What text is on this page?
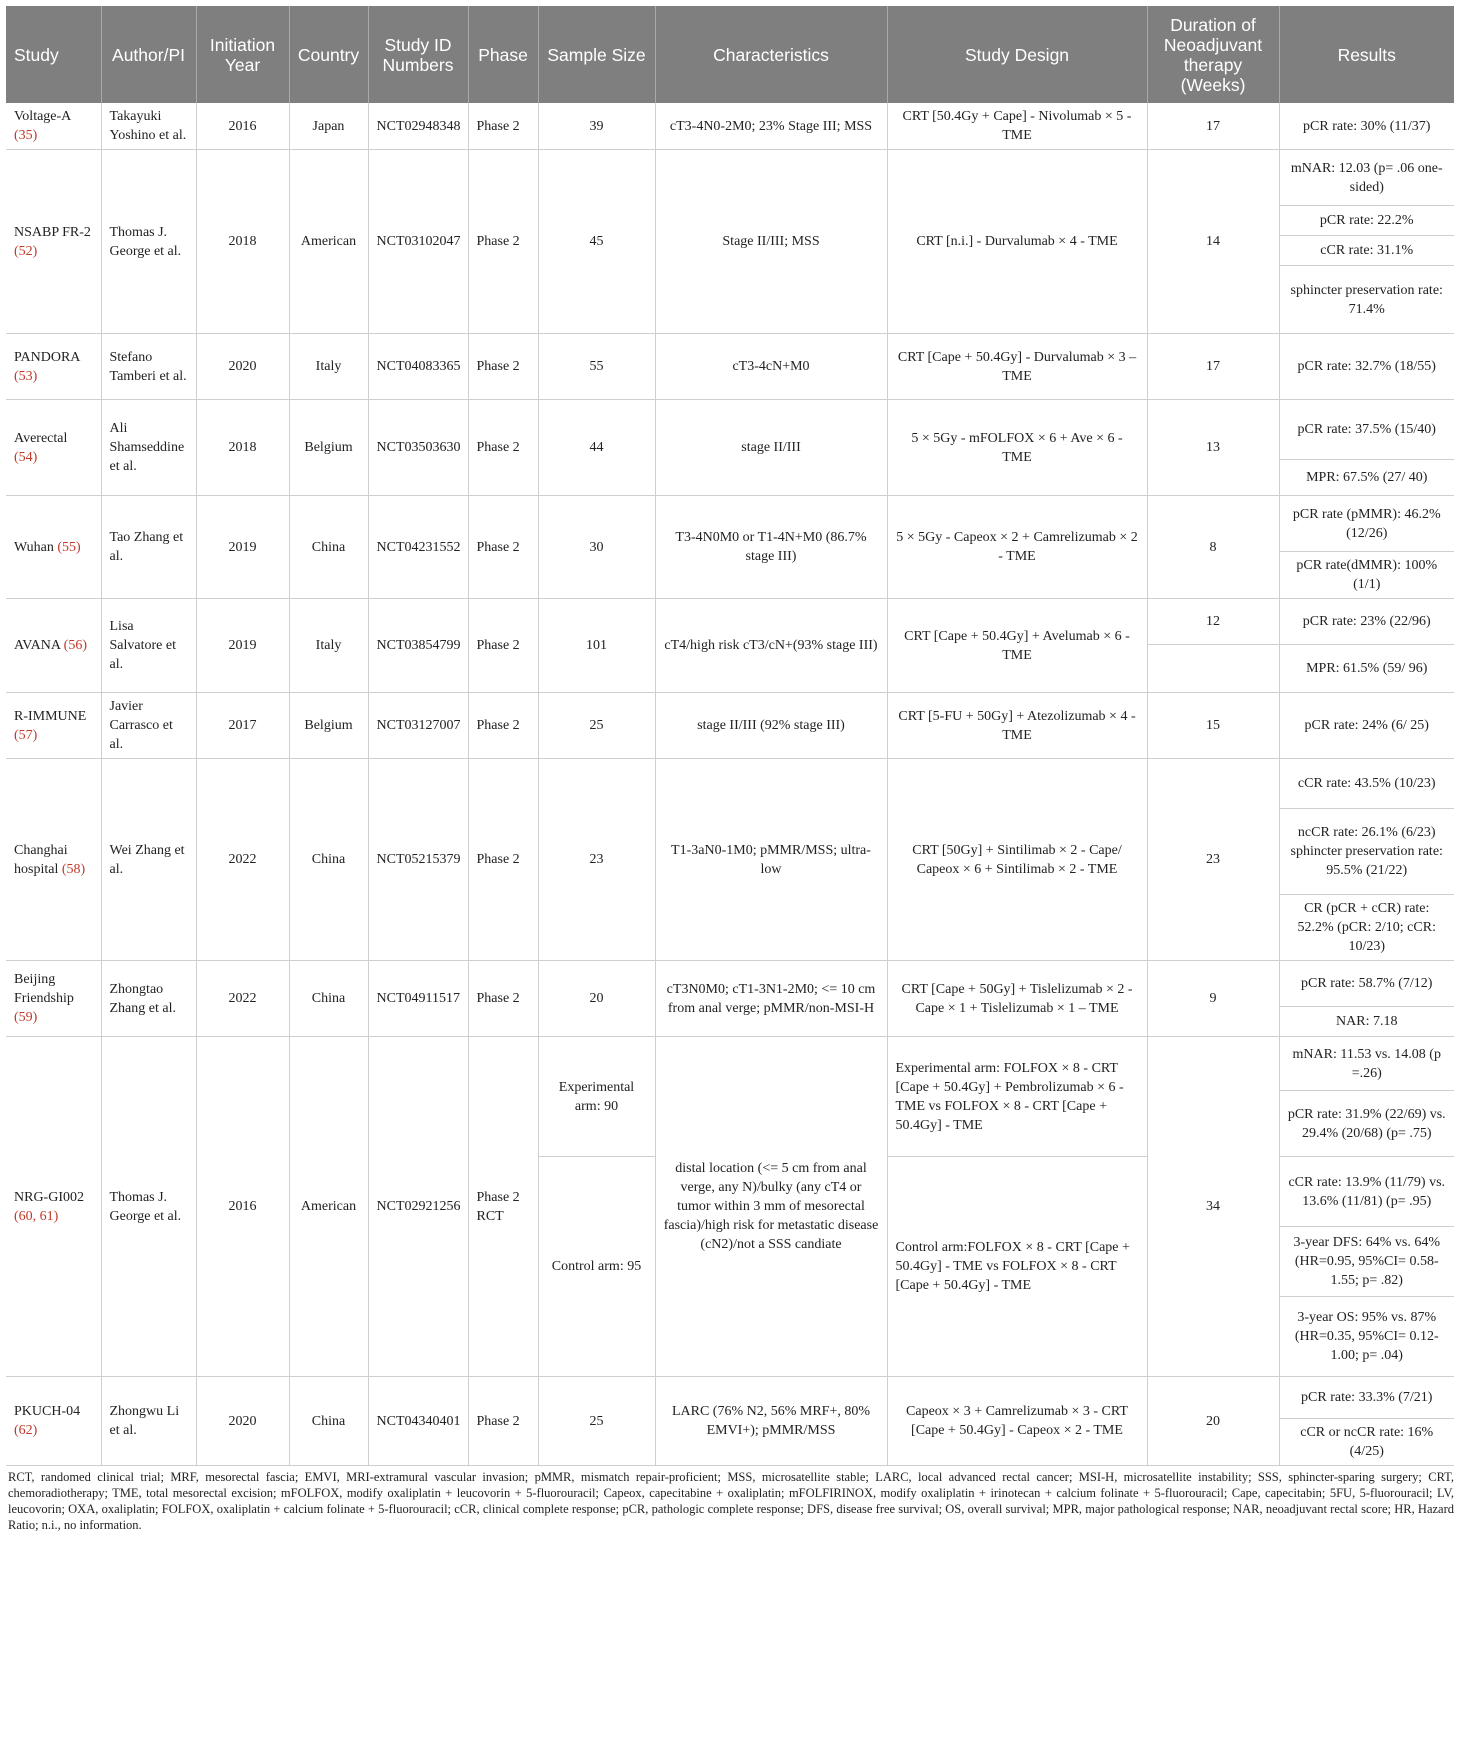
Study	Author/PI	Initiation Year	Country	Study ID Numbers	Phase	Sample Size	Characteristics	Study Design	Duration of Neoadjuvant therapy (Weeks)	Results
Voltage-A (35)	Takayuki Yoshino et al.	2016	Japan	NCT02948348	Phase 2	39	cT3-4N0-2M0; 23% Stage III; MSS	CRT [50.4Gy + Cape] - Nivolumab × 5 - TME	17	pCR rate: 30% (11/37)
NSABP FR-2 (52)	Thomas J. George et al.	2018	American	NCT03102047	Phase 2	45	Stage II/III; MSS	CRT [n.i.] - Durvalumab × 4 - TME	14	mNAR: 12.03 (p= .06 one-sided)
										pCR rate: 22.2%
										cCR rate: 31.1%
										sphincter preservation rate: 71.4%
PANDORA (53)	Stefano Tamberi et al.	2020	Italy	NCT04083365	Phase 2	55	cT3-4cN+M0	CRT [Cape + 50.4Gy] - Durvalumab × 3 – TME	17	pCR rate: 32.7% (18/55)
Averectal (54)	Ali Shamseddine et al.	2018	Belgium	NCT03503630	Phase 2	44	stage II/III	5 × 5Gy - mFOLFOX × 6 + Ave × 6 - TME	13	pCR rate: 37.5% (15/40)
										MPR: 67.5% (27/ 40)
Wuhan (55)	Tao Zhang et al.	2019	China	NCT04231552	Phase 2	30	T3-4N0M0 or T1-4N+M0 (86.7% stage III)	5 × 5Gy - Capeox × 2 + Camrelizumab × 2 - TME	8	pCR rate (pMMR): 46.2% (12/26)
										pCR rate(dMMR): 100% (1/1)
AVANA (56)	Lisa Salvatore et al.	2019	Italy	NCT03854799	Phase 2	101	cT4/high risk cT3/cN+(93% stage III)	CRT [Cape + 50.4Gy] + Avelumab × 6 - TME	12	pCR rate: 23% (22/96)
										MPR: 61.5% (59/ 96)
R-IMMUNE (57)	Javier Carrasco et al.	2017	Belgium	NCT03127007	Phase 2	25	stage II/III (92% stage III)	CRT [5-FU + 50Gy] + Atezolizumab × 4 - TME	15	pCR rate: 24% (6/ 25)
Changhai hospital (58)	Wei Zhang et al.	2022	China	NCT05215379	Phase 2	23	T1-3aN0-1M0; pMMR/MSS; ultra-low	CRT [50Gy] + Sintilimab × 2 - Cape/ Capeox × 6 + Sintilimab × 2 - TME	23	cCR rate: 43.5% (10/23)
										ncCR rate: 26.1% (6/23) sphincter preservation rate: 95.5% (21/22)
										CR (pCR + cCR) rate: 52.2% (pCR: 2/10; cCR: 10/23)
Beijing Friendship (59)	Zhongtao Zhang et al.	2022	China	NCT04911517	Phase 2	20	cT3N0M0; cT1-3N1-2M0; <= 10 cm from anal verge; pMMR/non-MSI-H	CRT [Cape + 50Gy] + Tislelizumab × 2 - Cape × 1 + Tislelizumab × 1 – TME	9	pCR rate: 58.7% (7/12)
										NAR: 7.18
NRG-GI002 (60, 61)	Thomas J. George et al.	2016	American	NCT02921256	Phase 2 RCT	Experimental arm: 90	distal location (<= 5 cm from anal verge, any N)/bulky (any cT4 or tumor within 3 mm of mesorectal fascia)/high risk for metastatic disease (cN2)/not a SSS candiate	Experimental arm: FOLFOX × 8 - CRT [Cape + 50.4Gy] + Pembrolizumab × 6 - TME vs FOLFOX × 8 - CRT [Cape + 50.4Gy] - TME	34	mNAR: 11.53 vs. 14.08 (p =.26)
										pCR rate: 31.9% (22/69) vs. 29.4% (20/68) (p= .75)
						Control arm: 95		Control arm:FOLFOX × 8 - CRT [Cape + 50.4Gy] - TME vs FOLFOX × 8 - CRT [Cape + 50.4Gy] - TME		cCR rate: 13.9% (11/79) vs. 13.6% (11/81) (p= .95)
										3-year DFS: 64% vs. 64% (HR=0.95, 95%CI= 0.58-1.55; p= .82)
										3-year OS: 95% vs. 87% (HR=0.35, 95%CI= 0.12-1.00; p= .04)
PKUCH-04 (62)	Zhongwu Li et al.	2020	China	NCT04340401	Phase 2	25	LARC (76% N2, 56% MRF+, 80% EMVI+); pMMR/MSS	Capeox × 3 + Camrelizumab × 3 - CRT [Cape + 50.4Gy] - Capeox × 2 - TME	20	pCR rate: 33.3% (7/21)
										cCR or ncCR rate: 16% (4/25)
RCT, randomed clinical trial; MRF, mesorectal fascia; EMVI, MRI-extramural vascular invasion; pMMR, mismatch repair-proficient; MSS, microsatellite stable; LARC, local advanced rectal cancer; MSI-H, microsatellite instability; SSS, sphincter-sparing surgery; CRT, chemoradiotherapy; TME, total mesorectal excision; mFOLFOX, modify oxaliplatin + leucovorin + 5-fluorouracil; Capeox, capecitabine + oxaliplatin; mFOLFIRINOX, modify oxaliplatin + irinotecan + calcium folinate + 5-fluorouracil; Cape, capecitabin; 5FU, 5-fluorouracil; LV, leucovorin; OXA, oxaliplatin; FOLFOX, oxaliplatin + calcium folinate + 5-fluorouracil; cCR, clinical complete response; pCR, pathologic complete response; DFS, disease free survival; OS, overall survival; MPR, major pathological response; NAR, neoadjuvant rectal score; HR, Hazard Ratio; n.i., no information.
